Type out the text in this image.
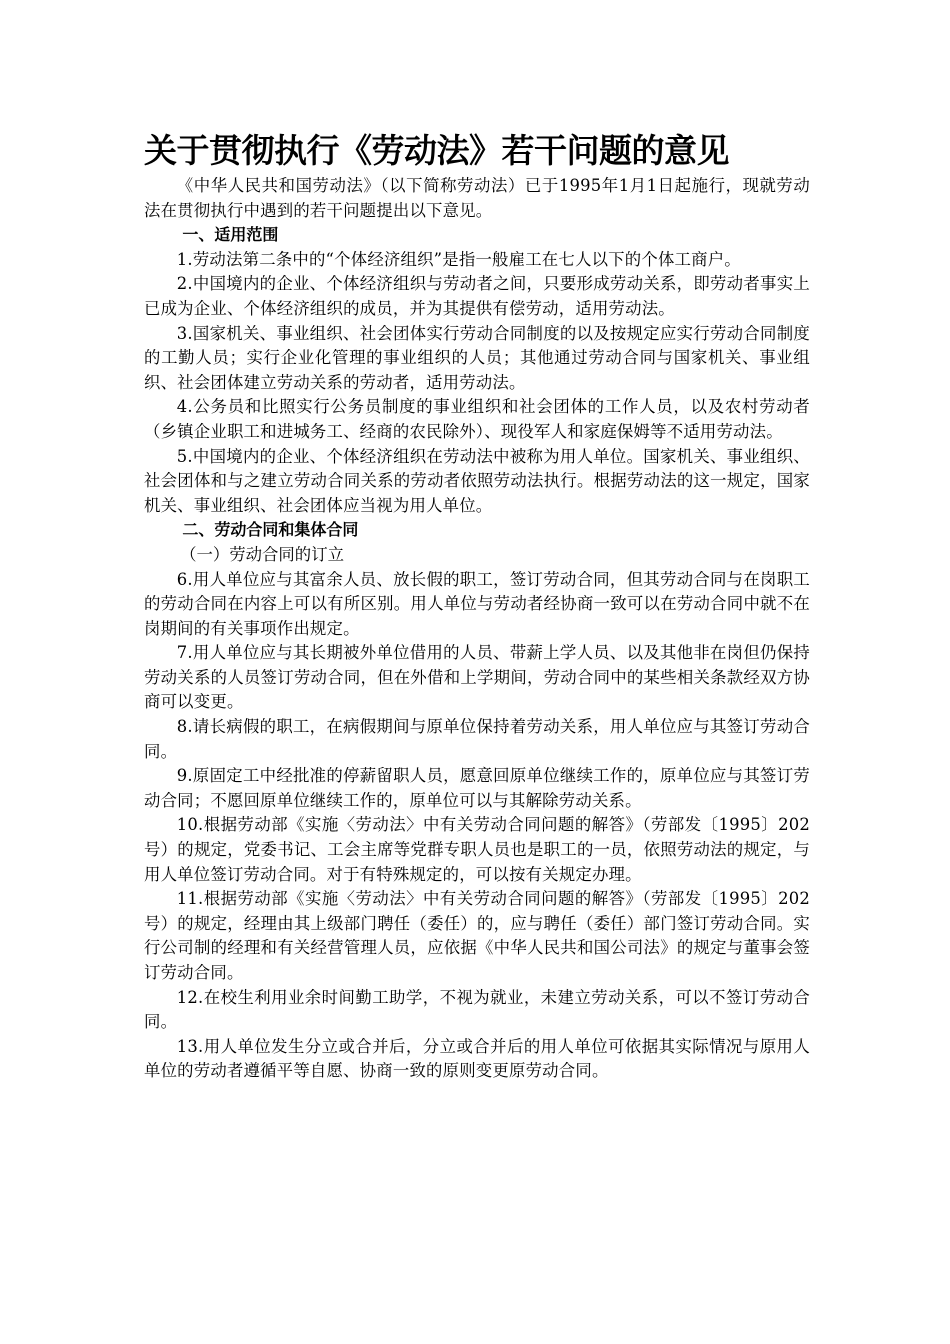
关于贯彻执行《劳动法》若干问题的意见

《中华人民共和国劳动法》（以下简称劳动法）已于1995年1月1日起施行，现就劳动法在贯彻执行中遇到的若干问题提出以下意见。

一、适用范围

1.劳动法第二条中的“个体经济组织”是指一般雇工在七人以下的个体工商户。

2.中国境内的企业、个体经济组织与劳动者之间，只要形成劳动关系，即劳动者事实上已成为企业、个体经济组织的成员，并为其提供有偿劳动，适用劳动法。

3.国家机关、事业组织、社会团体实行劳动合同制度的以及按规定应实行劳动合同制度的工勤人员；实行企业化管理的事业组织的人员；其他通过劳动合同与国家机关、事业组织、社会团体建立劳动关系的劳动者，适用劳动法。

4.公务员和比照实行公务员制度的事业组织和社会团体的工作人员，以及农村劳动者（乡镇企业职工和进城务工、经商的农民除外）、现役军人和家庭保姆等不适用劳动法。

5.中国境内的企业、个体经济组织在劳动法中被称为用人单位。国家机关、事业组织、社会团体和与之建立劳动合同关系的劳动者依照劳动法执行。根据劳动法的这一规定，国家机关、事业组织、社会团体应当视为用人单位。

二、劳动合同和集体合同

（一）劳动合同的订立

6.用人单位应与其富余人员、放长假的职工，签订劳动合同，但其劳动合同与在岗职工的劳动合同在内容上可以有所区别。用人单位与劳动者经协商一致可以在劳动合同中就不在岗期间的有关事项作出规定。

7.用人单位应与其长期被外单位借用的人员、带薪上学人员、以及其他非在岗但仍保持劳动关系的人员签订劳动合同，但在外借和上学期间，劳动合同中的某些相关条款经双方协商可以变更。

8.请长病假的职工，在病假期间与原单位保持着劳动关系，用人单位应与其签订劳动合同。

9.原固定工中经批准的停薪留职人员，愿意回原单位继续工作的，原单位应与其签订劳动合同；不愿回原单位继续工作的，原单位可以与其解除劳动关系。

10.根据劳动部《实施〈劳动法〉中有关劳动合同问题的解答》（劳部发〔1995〕202号）的规定，党委书记、工会主席等党群专职人员也是职工的一员，依照劳动法的规定，与用人单位签订劳动合同。对于有特殊规定的，可以按有关规定办理。

11.根据劳动部《实施〈劳动法〉中有关劳动合同问题的解答》（劳部发〔1995〕202号）的规定，经理由其上级部门聘任（委任）的，应与聘任（委任）部门签订劳动合同。实行公司制的经理和有关经营管理人员，应依据《中华人民共和国公司法》的规定与董事会签订劳动合同。

12.在校生利用业余时间勤工助学，不视为就业，未建立劳动关系，可以不签订劳动合同。

13.用人单位发生分立或合并后，分立或合并后的用人单位可依据其实际情况与原用人单位的劳动者遵循平等自愿、协商一致的原则变更原劳动合同。
